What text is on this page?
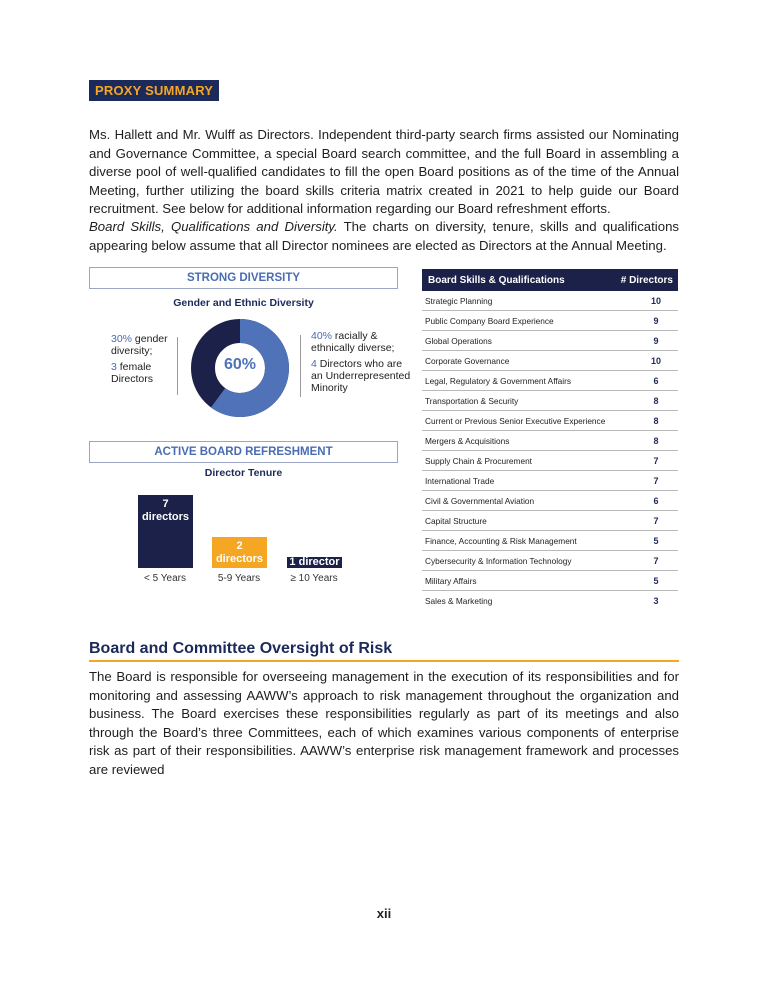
PROXY SUMMARY

Ms. Hallett and Mr. Wulff as Directors. Independent third-party search firms assisted our Nominating and Governance Committee, a special Board search committee, and the full Board in assembling a diverse pool of well-qualified candidates to fill the open Board positions as of the time of the Annual Meeting, further utilizing the board skills criteria matrix created in 2021 to help guide our Board recruitment. See below for additional information regarding our Board refreshment efforts.

Board Skills, Qualifications and Diversity. The charts on diversity, tenure, skills and qualifications appearing below assume that all Director nominees are elected as Directors at the Annual Meeting.

STRONG DIVERSITY
Gender and Ethnic Diversity

30% gender diversity;

3 female Directors

60%

40% racially & ethnically diverse;

4 Directors who are an Underrepresented Minority

ACTIVE BOARD REFRESHMENT
Director Tenure
7
directors
2
directors	1 director
< 5 Years	5-9 Years	≥ 10 Years
Board Skills & Qualifications	# Directors
Strategic Planning	10
Public Company Board Experience	9
Global Operations	9
Corporate Governance	10
Legal, Regulatory & Government Affairs	6
Transportation & Security	8
Current or Previous Senior Executive Experience	8
Mergers & Acquisitions	8
Supply Chain & Procurement	7
International Trade	7
Civil & Governmental Aviation	6
Capital Structure	7
Finance, Accounting & Risk Management	5
Cybersecurity & Information Technology	7
Military Affairs	5
Sales & Marketing	3
Board and Committee Oversight of Risk

The Board is responsible for overseeing management in the execution of its responsibilities and for monitoring and assessing AAWW’s approach to risk management throughout the organization and business. The Board exercises these responsibilities regularly as part of its meetings and also through the Board’s three Committees, each of which examines various components of enterprise risk as part of their responsibilities. AAWW’s enterprise risk management framework and processes are reviewed

xii
